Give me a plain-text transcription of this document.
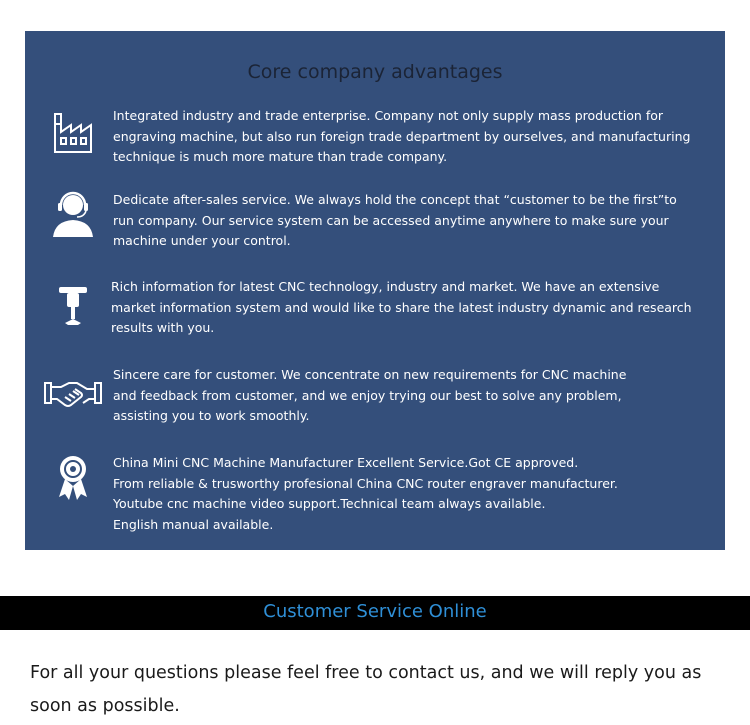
Core company advantages
Integrated industry and trade enterprise. Company not only supply mass production for
engraving machine, but also run foreign trade department by ourselves, and manufacturing
technique is much more mature than trade company.
Dedicate after-sales service. We always hold the concept that “customer to be the first”to
run company. Our service system can be accessed anytime anywhere to make sure your
machine under your control.
Rich information for latest CNC technology, industry and market. We have an extensive
market information system and would like to share the latest industry dynamic and research
results with you.
Sincere care for customer. We concentrate on new requirements for CNC machine
and feedback from customer, and we enjoy trying our best to solve any problem,
assisting you to work smoothly.
China Mini CNC Machine Manufacturer Excellent Service.Got CE approved.
From reliable & trusworthy profesional China CNC router engraver manufacturer.
Youtube cnc machine video support.Technical team always available.
English manual available.
Customer Service Online
For all your questions please feel free to contact us, and we will reply you as
soon as possible.
